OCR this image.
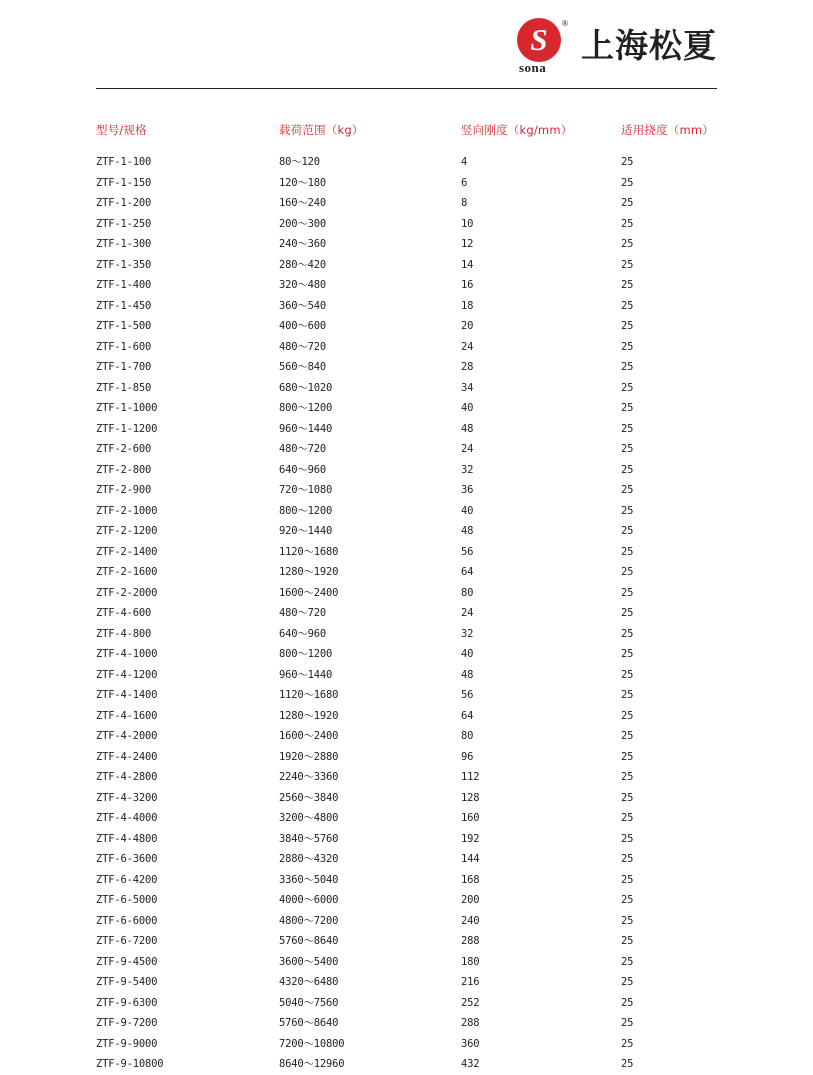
S	®
sona
上海松夏
型号/规格	载荷范围（kg）	竖向刚度（kg/mm）	适用挠度（mm）
ZTF-1-100	80～120	4	25
ZTF-1-150	120～180	6	25
ZTF-1-200	160～240	8	25
ZTF-1-250	200～300	10	25
ZTF-1-300	240～360	12	25
ZTF-1-350	280～420	14	25
ZTF-1-400	320～480	16	25
ZTF-1-450	360～540	18	25
ZTF-1-500	400～600	20	25
ZTF-1-600	480～720	24	25
ZTF-1-700	560～840	28	25
ZTF-1-850	680～1020	34	25
ZTF-1-1000	800～1200	40	25
ZTF-1-1200	960～1440	48	25
ZTF-2-600	480～720	24	25
ZTF-2-800	640～960	32	25
ZTF-2-900	720～1080	36	25
ZTF-2-1000	800～1200	40	25
ZTF-2-1200	920～1440	48	25
ZTF-2-1400	1120～1680	56	25
ZTF-2-1600	1280～1920	64	25
ZTF-2-2000	1600～2400	80	25
ZTF-4-600	480～720	24	25
ZTF-4-800	640～960	32	25
ZTF-4-1000	800～1200	40	25
ZTF-4-1200	960～1440	48	25
ZTF-4-1400	1120～1680	56	25
ZTF-4-1600	1280～1920	64	25
ZTF-4-2000	1600～2400	80	25
ZTF-4-2400	1920～2880	96	25
ZTF-4-2800	2240～3360	112	25
ZTF-4-3200	2560～3840	128	25
ZTF-4-4000	3200～4800	160	25
ZTF-4-4800	3840～5760	192	25
ZTF-6-3600	2880～4320	144	25
ZTF-6-4200	3360～5040	168	25
ZTF-6-5000	4000～6000	200	25
ZTF-6-6000	4800～7200	240	25
ZTF-6-7200	5760～8640	288	25
ZTF-9-4500	3600～5400	180	25
ZTF-9-5400	4320～6480	216	25
ZTF-9-6300	5040～7560	252	25
ZTF-9-7200	5760～8640	288	25
ZTF-9-9000	7200～10800	360	25
ZTF-9-10800	8640～12960	432	25
